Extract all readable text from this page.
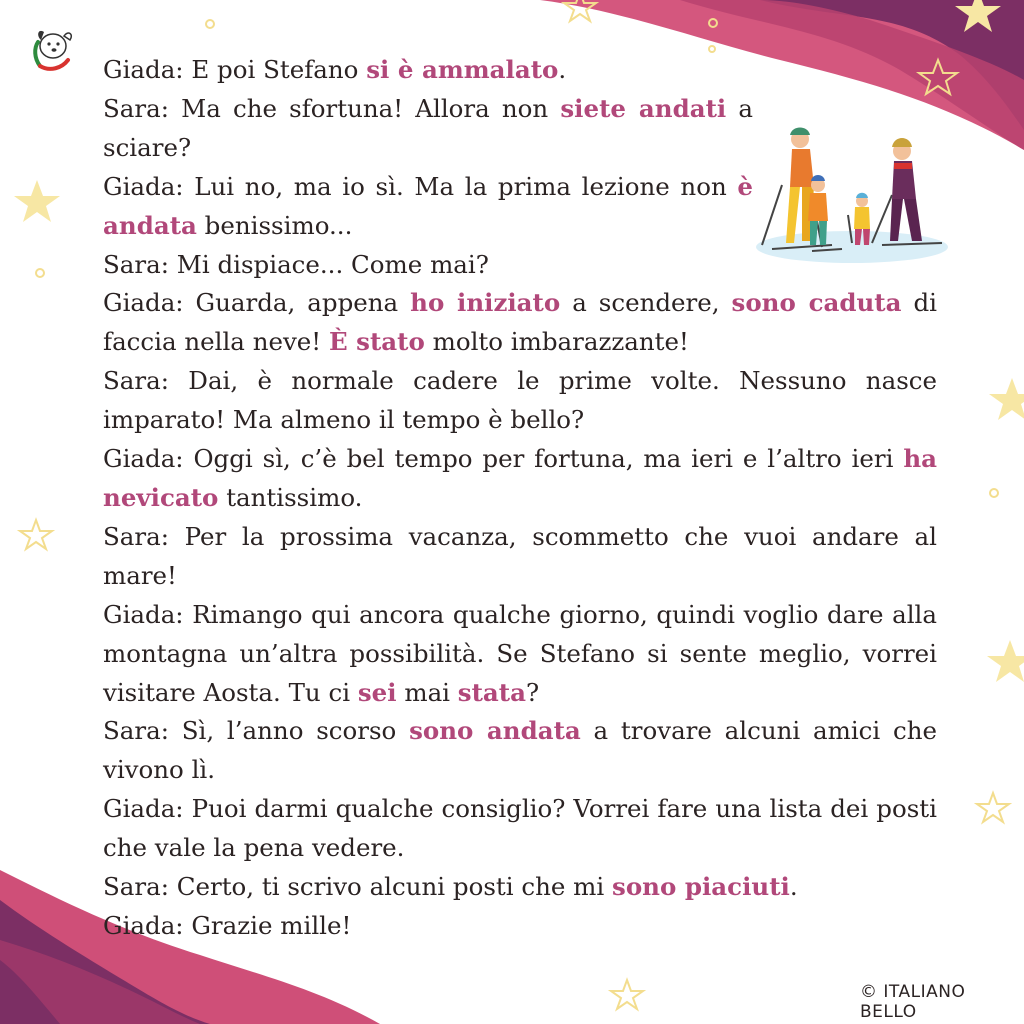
Giada: E poi Stefano si è ammalato.
Sara: Ma che sfortuna! Allora non siete andati a sciare?
Giada: Lui no, ma io sì. Ma la prima lezione non è andata benissimo...
Sara: Mi dispiace... Come mai?
Giada: Guarda, appena ho iniziato a scendere, sono caduta di faccia nella neve! È stato molto imbarazzante!
Sara: Dai, è normale cadere le prime volte. Nessuno nasce imparato! Ma almeno il tempo è bello?
Giada: Oggi sì, c’è bel tempo per fortuna, ma ieri e l’altro ieri ha nevicato tantissimo.
Sara: Per la prossima vacanza, scommetto che vuoi andare al mare!
Giada: Rimango qui ancora qualche giorno, quindi voglio dare alla montagna un’altra possibilità. Se Stefano si sente meglio, vorrei visitare Aosta. Tu ci sei mai stata?
Sara: Sì, l’anno scorso sono andata a trovare alcuni amici che vivono lì.
Giada: Puoi darmi qualche consiglio? Vorrei fare una lista dei posti che vale la pena vedere.
Sara: Certo, ti scrivo alcuni posti che mi sono piaciuti.
Giada: Grazie mille!
© ITALIANO BELLO
